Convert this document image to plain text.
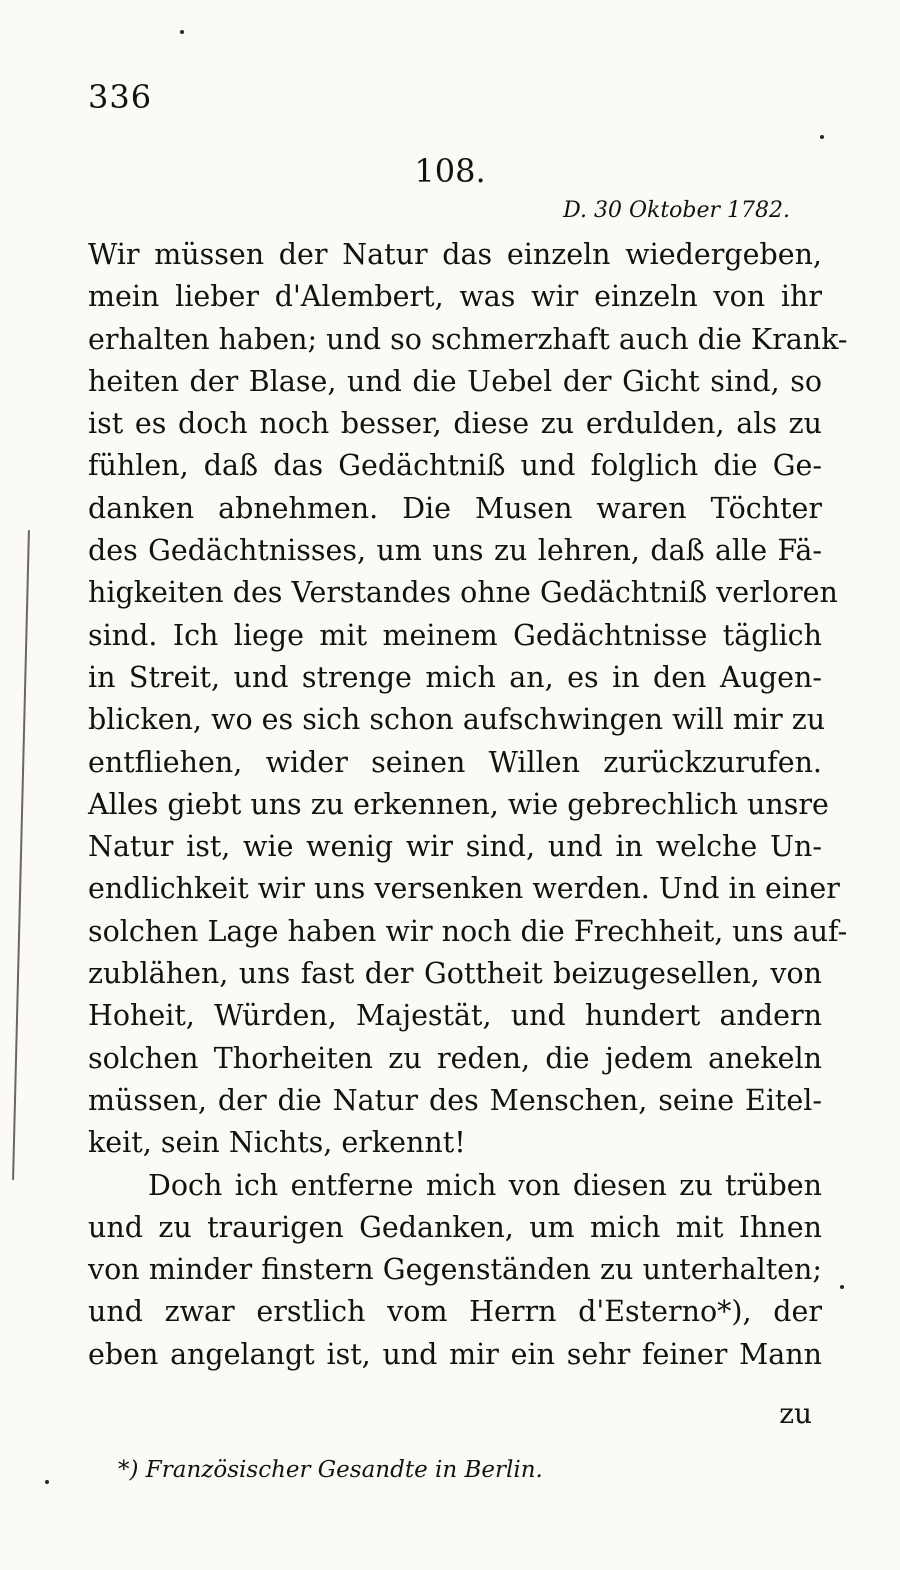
336
108.
D. 30 Oktober 1782.
Wir müssen der Natur das einzeln wiedergeben,
mein lieber d'Alembert, was wir einzeln von ihr
erhalten haben; und so schmerzhaft auch die Krank-
heiten der Blase, und die Uebel der Gicht sind, so
ist es doch noch besser, diese zu erdulden, als zu
fühlen, daß das Gedächtniß und folglich die Ge-
danken abnehmen. Die Musen waren Töchter
des Gedächtnisses, um uns zu lehren, daß alle Fä-
higkeiten des Verstandes ohne Gedächtniß verloren
sind. Ich liege mit meinem Gedächtnisse täglich
in Streit, und strenge mich an, es in den Augen-
blicken, wo es sich schon aufschwingen will mir zu
entfliehen, wider seinen Willen zurückzurufen.
Alles giebt uns zu erkennen, wie gebrechlich unsre
Natur ist, wie wenig wir sind, und in welche Un-
endlichkeit wir uns versenken werden. Und in einer
solchen Lage haben wir noch die Frechheit, uns auf-
zublähen, uns fast der Gottheit beizugesellen, von
Hoheit, Würden, Majestät, und hundert andern
solchen Thorheiten zu reden, die jedem anekeln
müssen, der die Natur des Menschen, seine Eitel-
keit, sein Nichts, erkennt!
Doch ich entferne mich von diesen zu trüben
und zu traurigen Gedanken, um mich mit Ihnen
von minder finstern Gegenständen zu unterhalten;
und zwar erstlich vom Herrn d'Esterno*), der
eben angelangt ist, und mir ein sehr feiner Mann
zu
*) Französischer Gesandte in Berlin.
